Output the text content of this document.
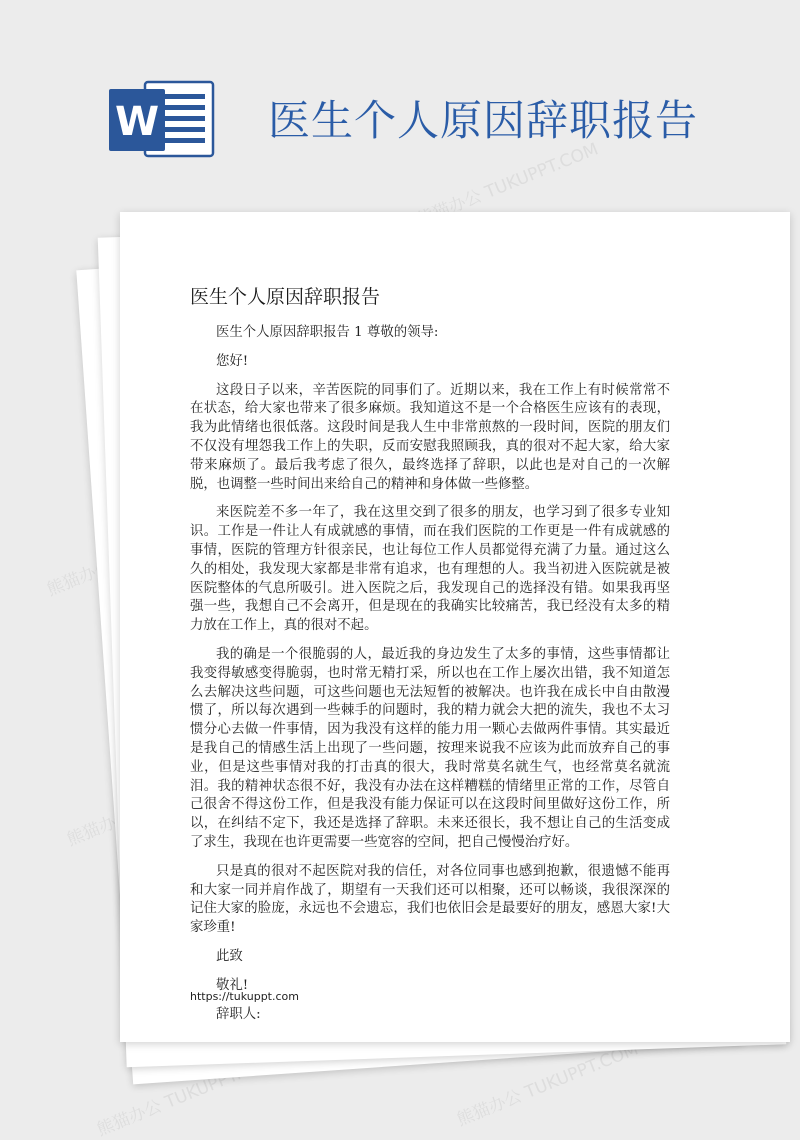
W	医生个人原因辞职报告
熊猫办公 TUKUPPT.COM
熊猫办公
熊猫办公
熊猫办公 TUKUPPT.COM	熊猫办公 TUKUPPT.COM
医生个人原因辞职报告

医生个人原因辞职报告 1 尊敬的领导:

您好!

这段日子以来，辛苦医院的同事们了。近期以来，我在工作上有时候常常不在状态，给大家也带来了很多麻烦。我知道这不是一个合格医生应该有的表现，我为此情绪也很低落。这段时间是我人生中非常煎熬的一段时间，医院的朋友们不仅没有埋怨我工作上的失职，反而安慰我照顾我，真的很对不起大家，给大家带来麻烦了。最后我考虑了很久，最终选择了辞职，以此也是对自己的一次解脱，也调整一些时间出来给自己的精神和身体做一些修整。

来医院差不多一年了，我在这里交到了很多的朋友，也学习到了很多专业知识。工作是一件让人有成就感的事情，而在我们医院的工作更是一件有成就感的事情，医院的管理方针很亲民，也让每位工作人员都觉得充满了力量。通过这么久的相处，我发现大家都是非常有追求，也有理想的人。我当初进入医院就是被医院整体的气息所吸引。进入医院之后，我发现自己的选择没有错。如果我再坚强一些，我想自己不会离开，但是现在的我确实比较痛苦，我已经没有太多的精力放在工作上，真的很对不起。

我的确是一个很脆弱的人，最近我的身边发生了太多的事情，这些事情都让我变得敏感变得脆弱，也时常无精打采，所以也在工作上屡次出错，我不知道怎么去解决这些问题，可这些问题也无法短暂的被解决。也许我在成长中自由散漫惯了，所以每次遇到一些棘手的问题时，我的精力就会大把的流失，我也不太习惯分心去做一件事情，因为我没有这样的能力用一颗心去做两件事情。其实最近是我自己的情感生活上出现了一些问题，按理来说我不应该为此而放弃自己的事业，但是这些事情对我的打击真的很大，我时常莫名就生气，也经常莫名就流泪。我的精神状态很不好，我没有办法在这样糟糕的情绪里正常的工作，尽管自己很舍不得这份工作，但是我没有能力保证可以在这段时间里做好这份工作，所以，在纠结不定下，我还是选择了辞职。未来还很长，我不想让自己的生活变成了求生，我现在也许更需要一些宽容的空间，把自己慢慢治疗好。

只是真的很对不起医院对我的信任，对各位同事也感到抱歉，很遗憾不能再和大家一同并肩作战了，期望有一天我们还可以相聚，还可以畅谈，我很深深的记住大家的脸庞，永远也不会遗忘，我们也依旧会是最要好的朋友，感恩大家!大家珍重!

此致
敬礼!
辞职人:
https://tukuppt.com
